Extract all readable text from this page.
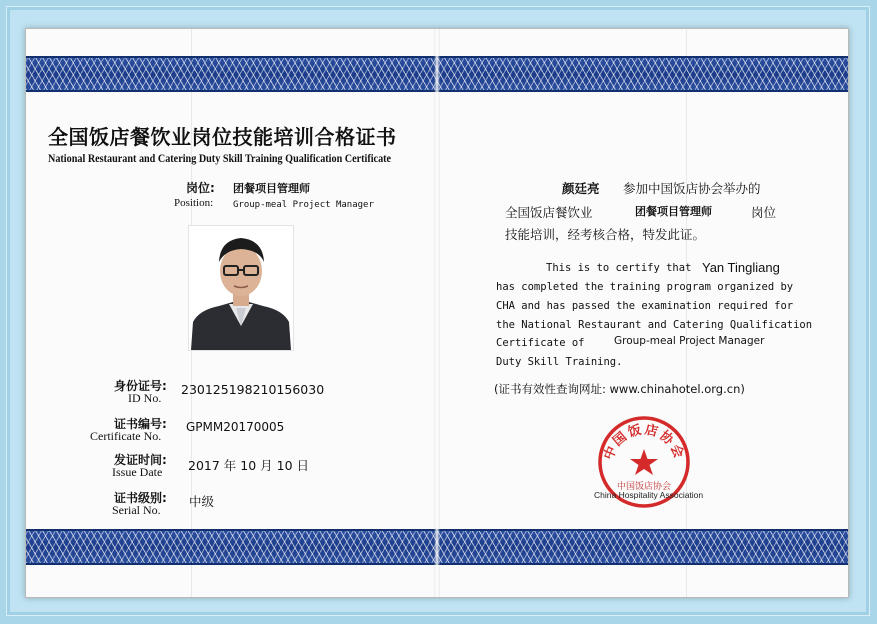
全国饭店餐饮业岗位技能培训合格证书
National Restaurant and Catering Duty Skill Training Qualification Certificate
岗位: 团餐项目管理师
Position: Group-meal Project Manager
身份证号:
ID No.
230125198210156030
证书编号:
Certificate No.
GPMM20170005
发证时间:
Issue Date 2017 年 10 月 10 日
证书级别:
Serial No.
中级
颜廷亮 参加中国饭店协会举办的
全国饭店餐饮业	团餐项目管理师	岗位
技能培训，经考核合格，特发此证。
This is to certify that Yan Tingliang
has completed the training program organized by
CHA and has passed the examination required for
the National Restaurant and Catering Qualification
Certificate of	Group-meal Project Manager
Duty Skill Training.
(证书有效性查询网址: www.chinahotel.org.cn)
中国饭店协会
中国饭店协会
China Hospitality Association
